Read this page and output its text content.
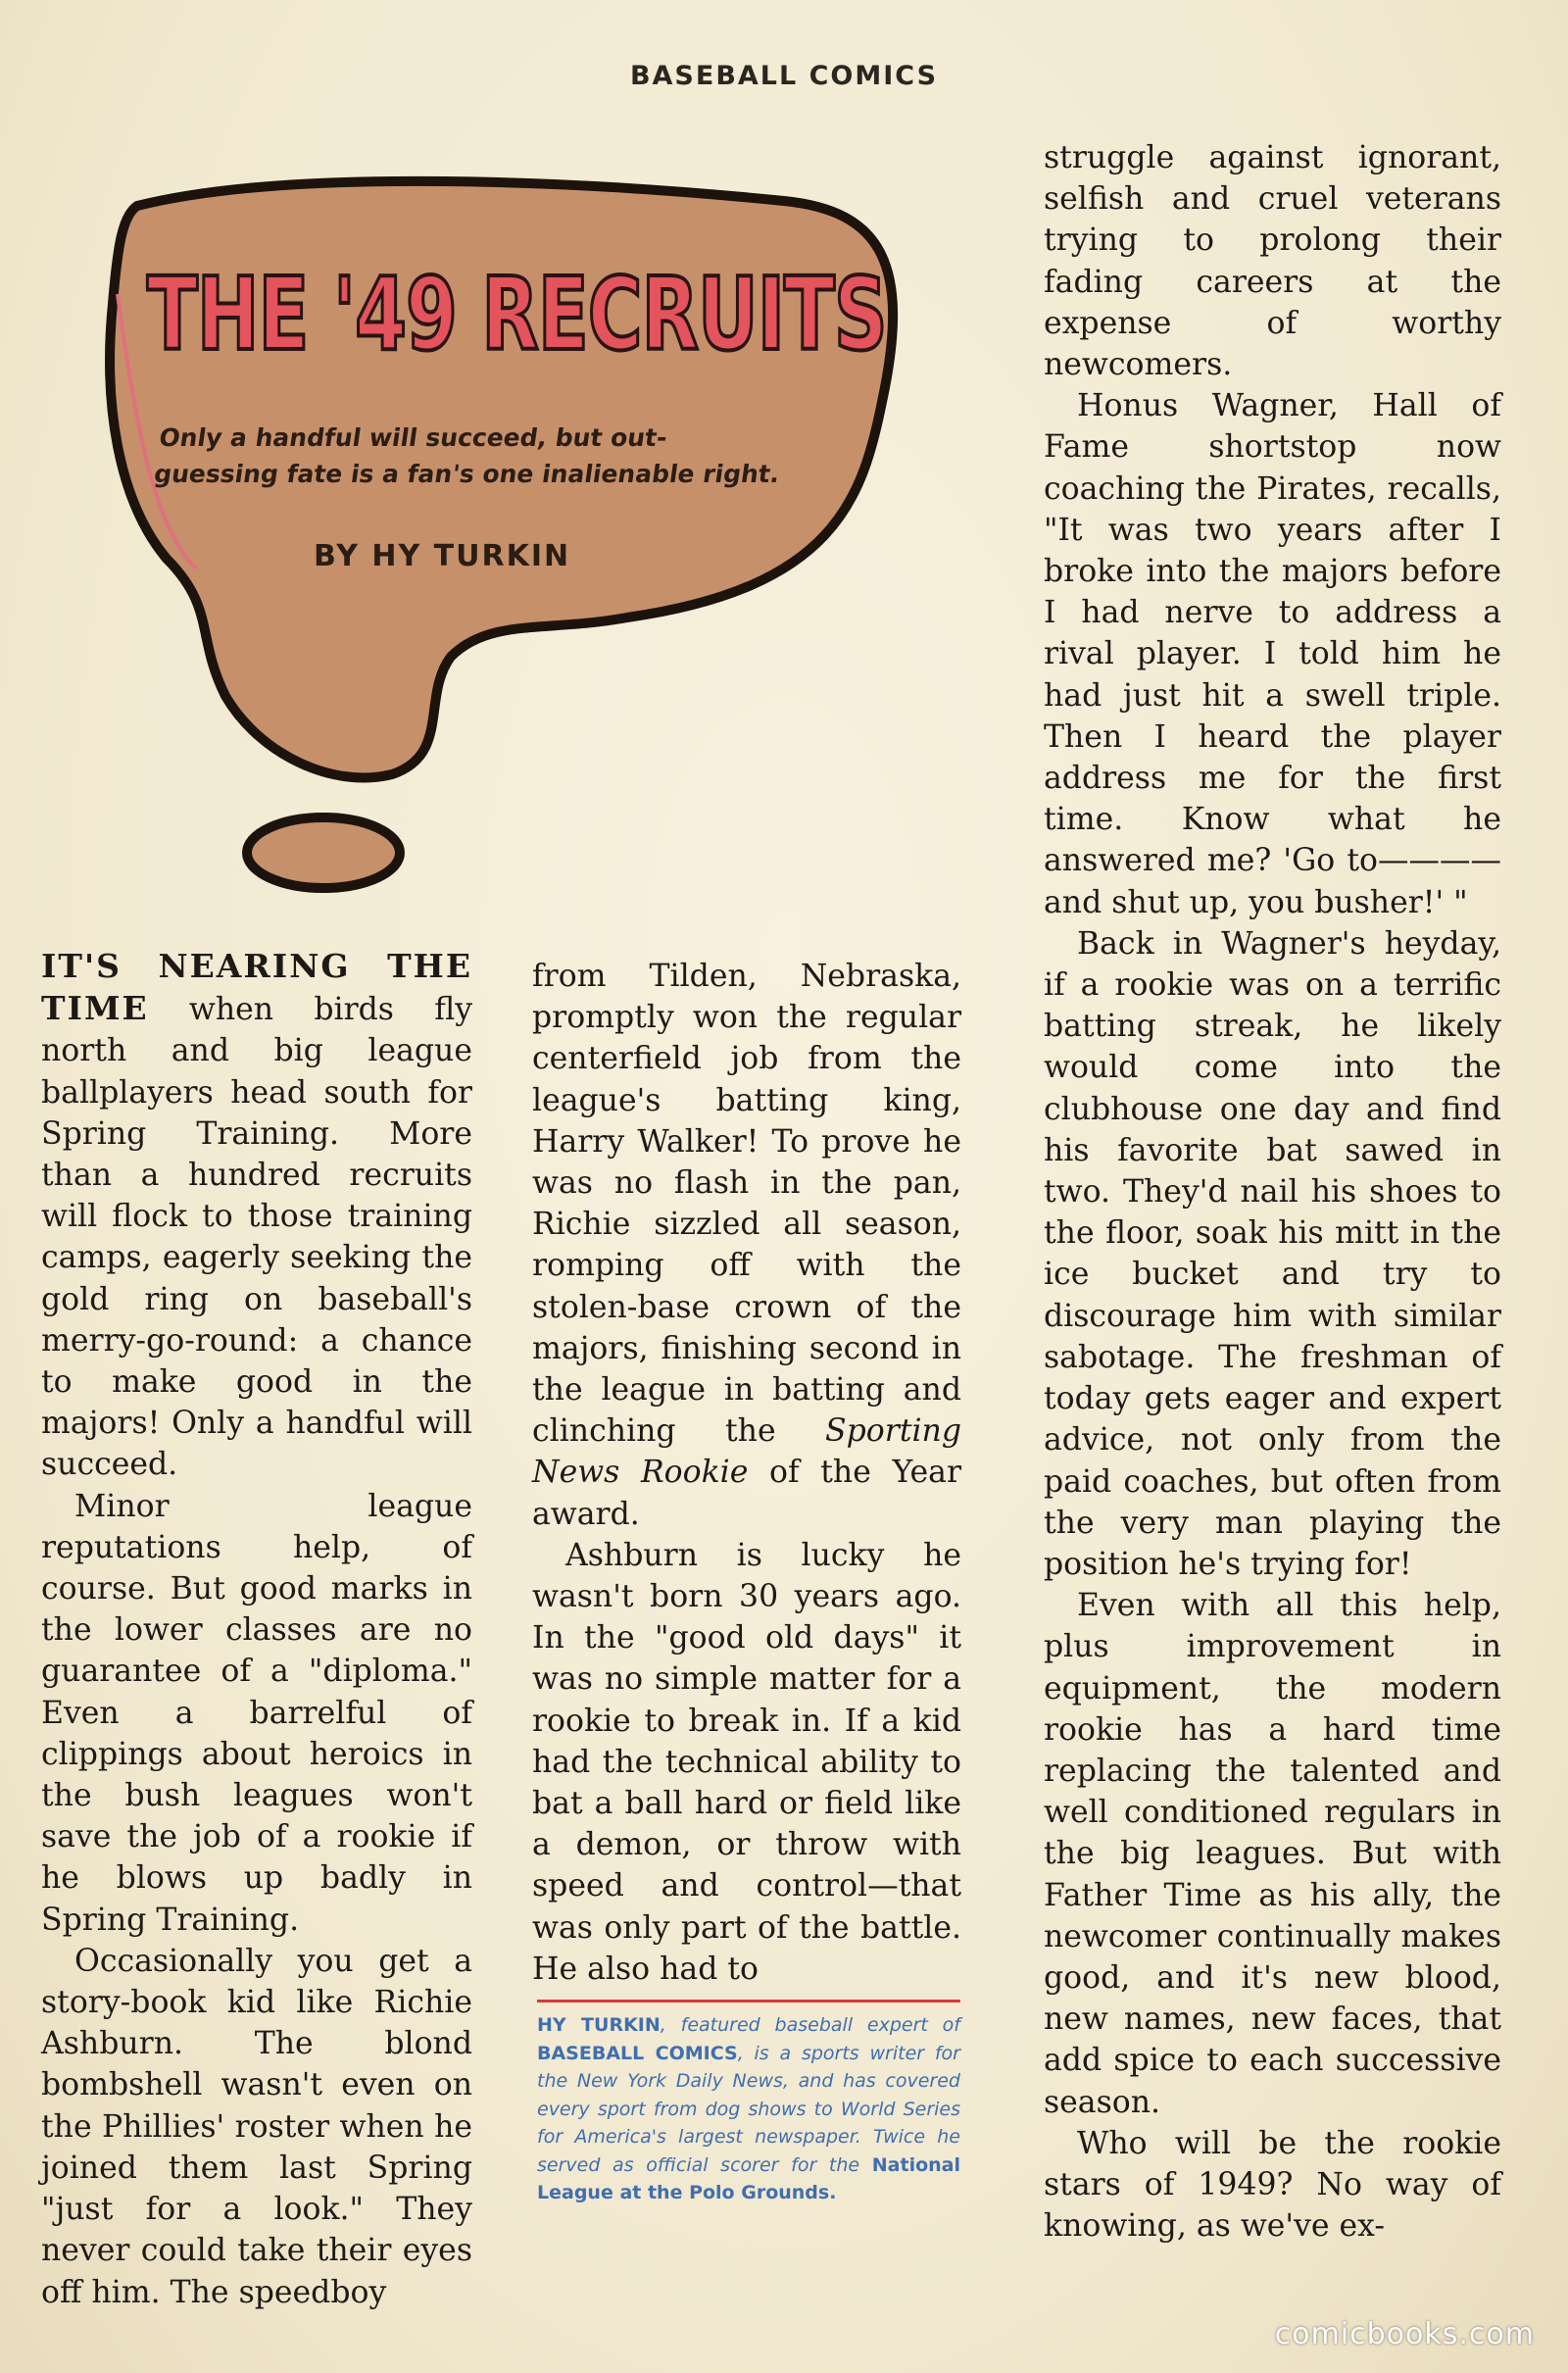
BASEBALL COMICS
THE '49 RECRUITS
Only a handful will succeed, but out-guessing fate is a fan's one inalienable right.
BY HY TURKIN

IT'S NEARING THE TIME when birds fly north and big league ballplayers head south for Spring Training. More than a hundred recruits will flock to those training camps, eagerly seeking the gold ring on baseball's merry-go-round: a chance to make good in the majors! Only a handful will succeed.

Minor league reputations help, of course. But good marks in the lower classes are no guarantee of a "diploma." Even a barrelful of clippings about heroics in the bush leagues won't save the job of a rookie if he blows up badly in Spring Training.

Occasionally you get a story-book kid like Richie Ashburn. The blond bombshell wasn't even on the Phillies' roster when he joined them last Spring "just for a look." They never could take their eyes off him. The speedboy

from Tilden, Nebraska, promptly won the regular centerfield job from the league's batting king, Harry Walker! To prove he was no flash in the pan, Richie sizzled all season, romping off with the stolen-base crown of the majors, finishing second in the league in batting and clinching the Sporting News Rookie of the Year award.

Ashburn is lucky he wasn't born 30 years ago. In the "good old days" it was no simple matter for a rookie to break in. If a kid had the technical ability to bat a ball hard or field like a demon, or throw with speed and control—that was only part of the battle. He also had to

HY TURKIN, featured baseball expert of BASEBALL COMICS, is a sports writer for the New York Daily News, and has covered every sport from dog shows to World Series for America's largest newspaper. Twice he served as official scorer for the National League at the Polo Grounds.

struggle against ignorant, selfish and cruel veterans trying to prolong their fading careers at the expense of worthy newcomers.

Honus Wagner, Hall of Fame shortstop now coaching the Pirates, recalls, "It was two years after I broke into the majors before I had nerve to address a rival player. I told him he had just hit a swell triple. Then I heard the player address me for the first time. Know what he answered me? 'Go to———— and shut up, you busher!' "

Back in Wagner's heyday, if a rookie was on a terrific batting streak, he likely would come into the clubhouse one day and find his favorite bat sawed in two. They'd nail his shoes to the floor, soak his mitt in the ice bucket and try to discourage him with similar sabotage. The freshman of today gets eager and expert advice, not only from the paid coaches, but often from the very man playing the position he's trying for!

Even with all this help, plus improvement in equipment, the modern rookie has a hard time replacing the talented and well conditioned regulars in the big leagues. But with Father Time as his ally, the newcomer continually makes good, and it's new blood, new names, new faces, that add spice to each successive season.

Who will be the rookie stars of 1949? No way of knowing, as we've ex-

comicbooks.com
